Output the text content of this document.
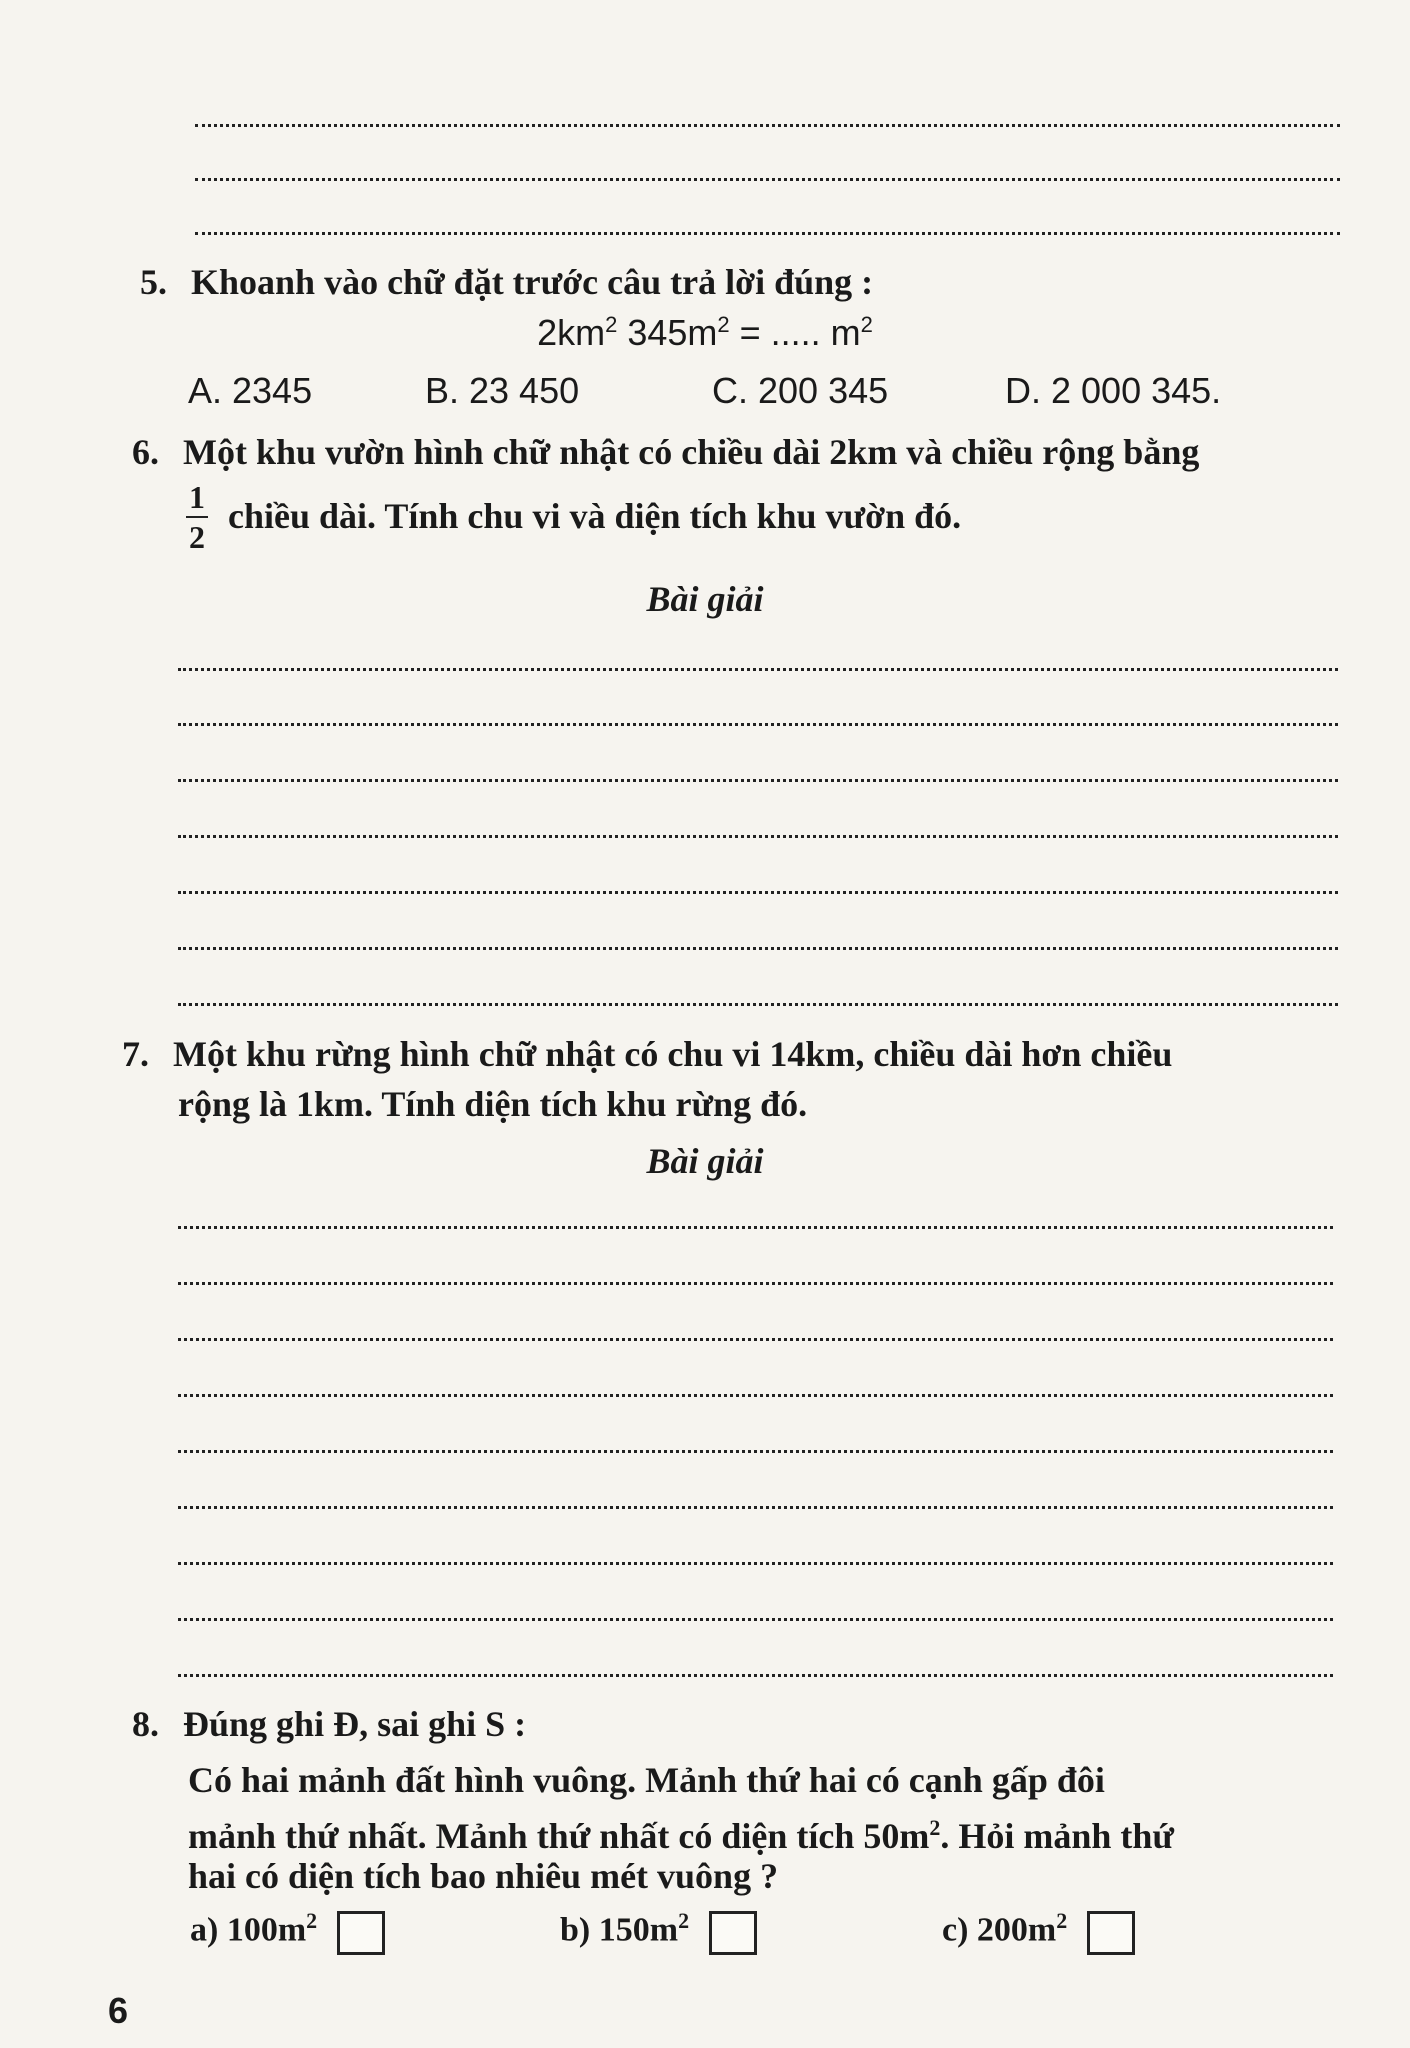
5. Khoanh vào chữ đặt trước câu trả lời đúng :
$2km^2$ $345m^2$ = ..... $m^2$
A. 2345	B. 23 450	C. 200 345	D. 2 000 345.
6. Một khu vườn hình chữ nhật có chiều dài 2km và chiều rộng bằng
1
2
chiều dài. Tính chu vi và diện tích khu vườn đó.
Bài giải
7. Một khu rừng hình chữ nhật có chu vi 14km, chiều dài hơn chiều
rộng là 1km. Tính diện tích khu rừng đó.
Bài giải
8. Đúng ghi Đ, sai ghi S :
Có hai mảnh đất hình vuông. Mảnh thứ hai có cạnh gấp đôi
mảnh thứ nhất. Mảnh thứ nhất có diện tích $50m^2$. Hỏi mảnh thứ
hai có diện tích bao nhiêu mét vuông ?
a) $100m^2$	b) $150m^2$	c) $200m^2$
6
